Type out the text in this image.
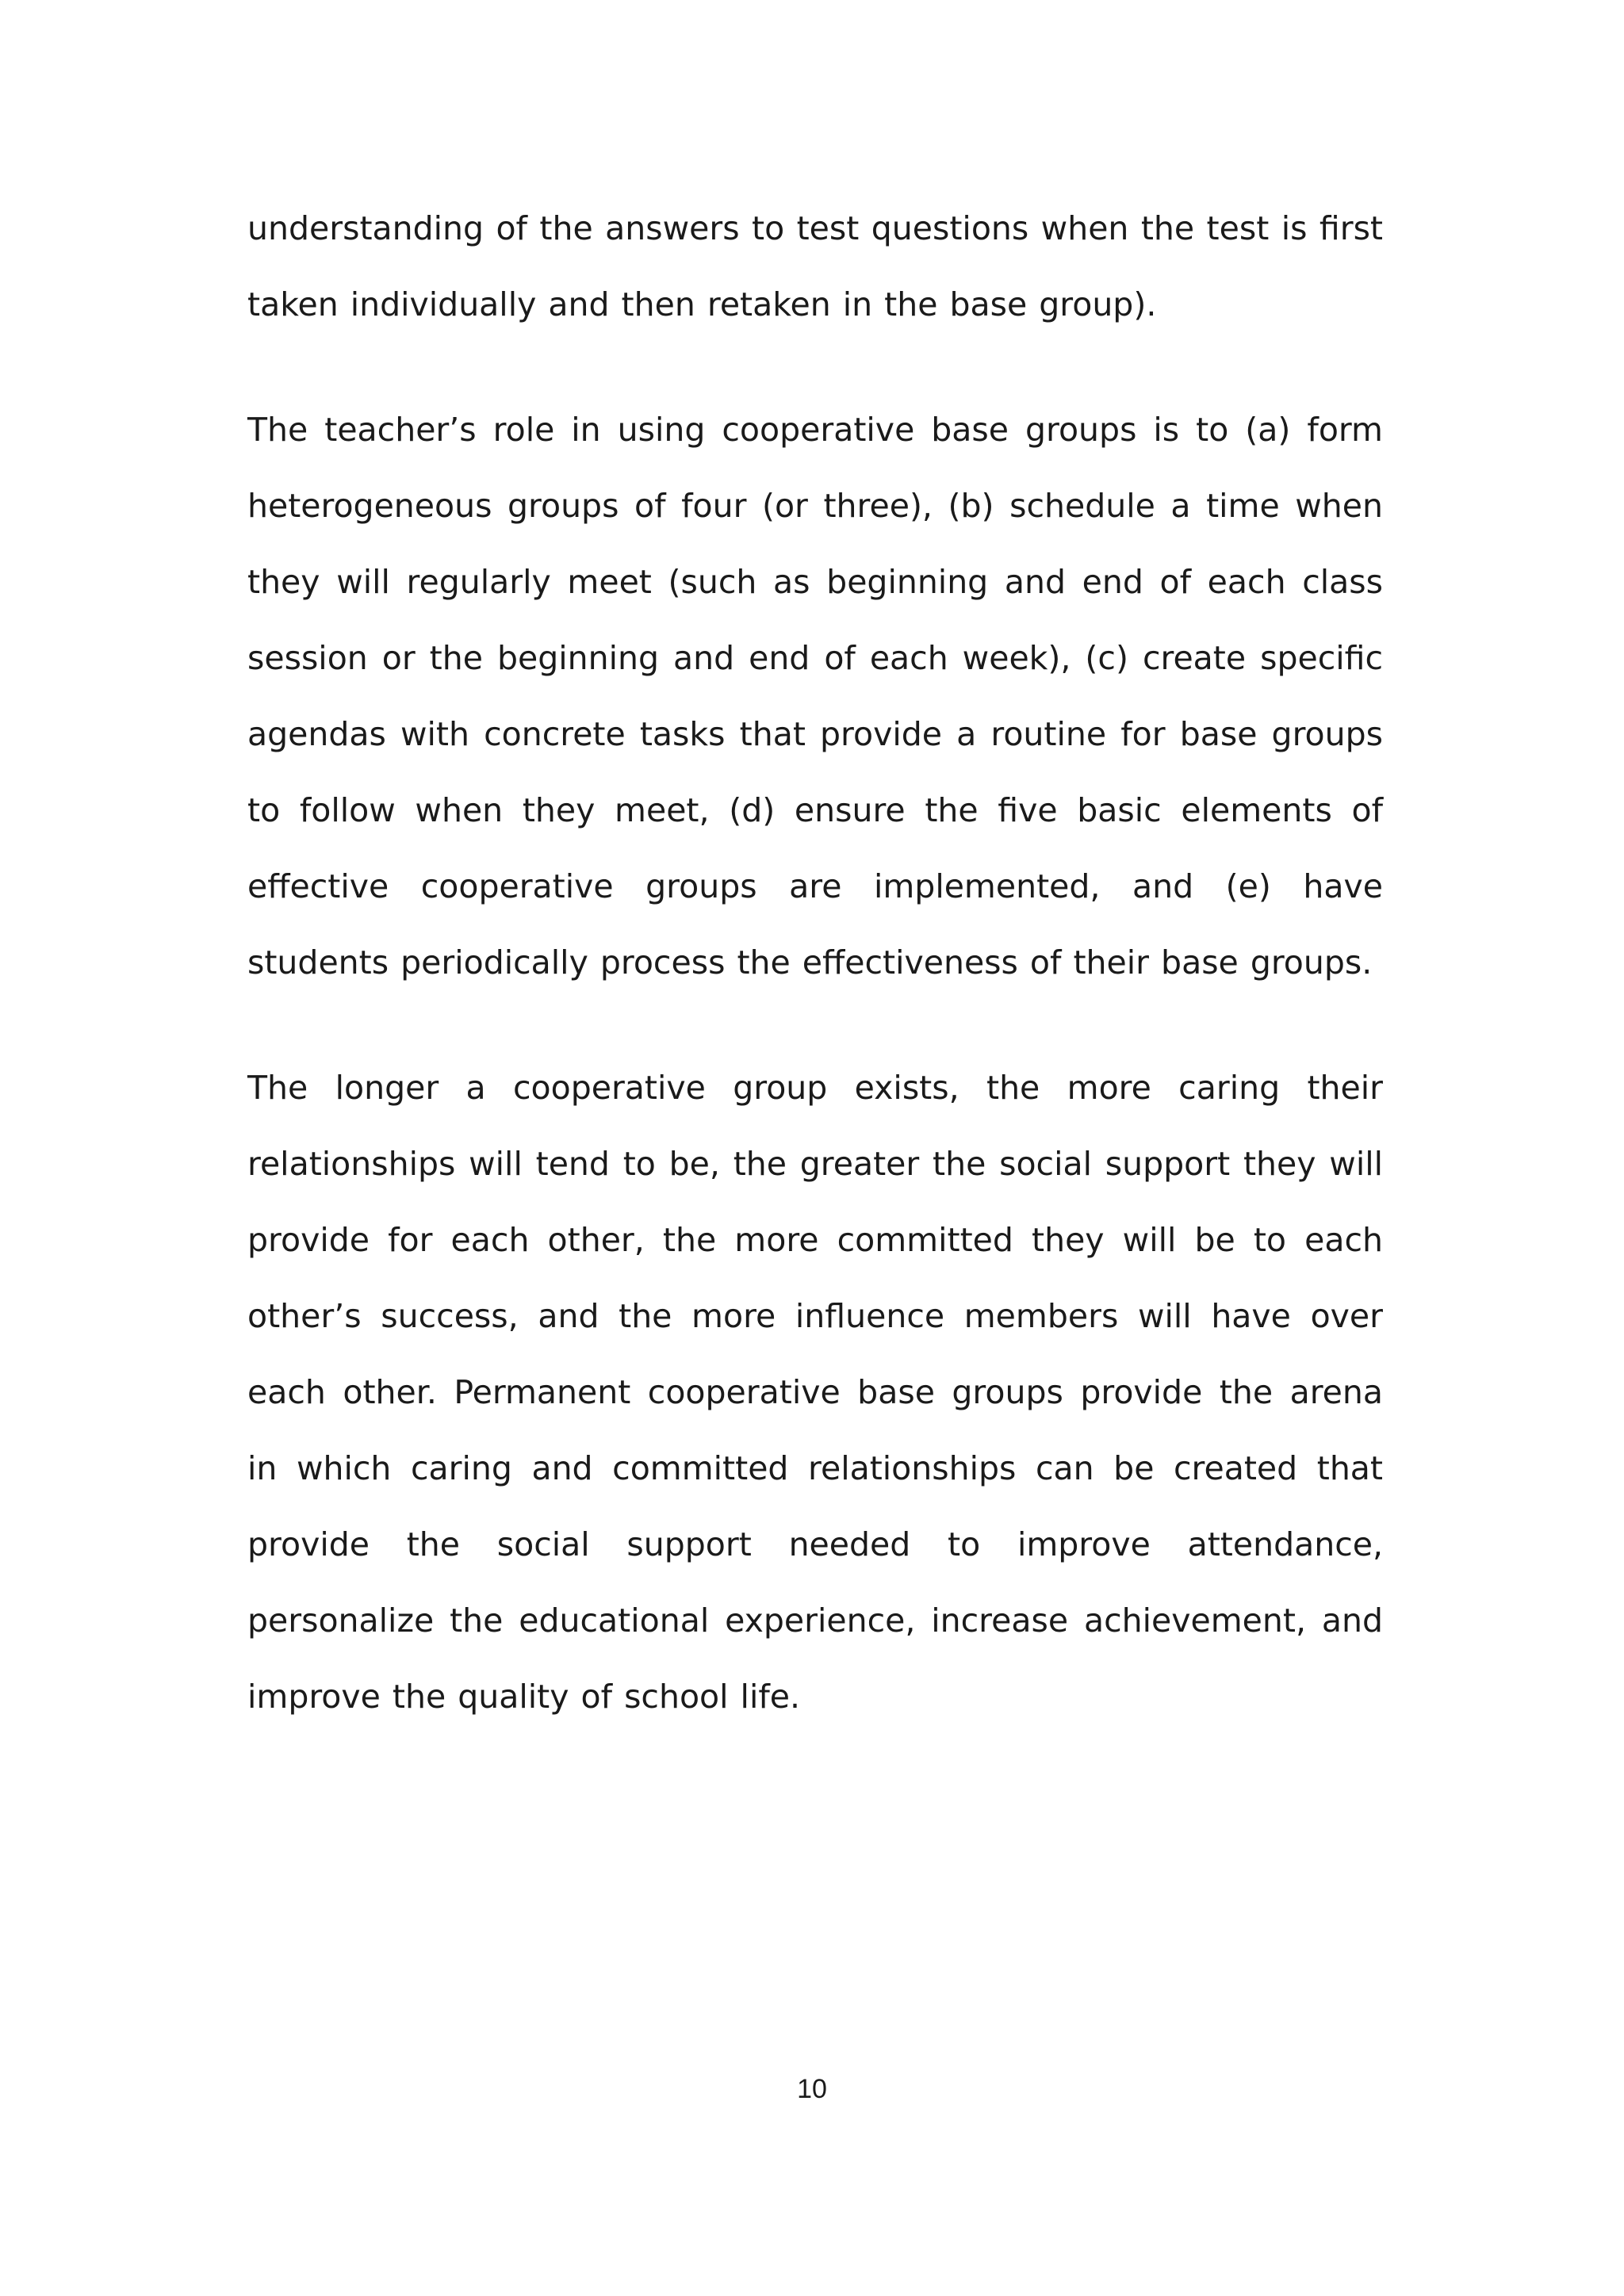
understanding of the answers to test questions when the test is first taken individually and then retaken in the base group).

The teacher’s role in using cooperative base groups is to (a) form heterogeneous groups of four (or three), (b) schedule a time when they will regularly meet (such as beginning and end of each class session or the beginning and end of each week), (c) create specific agendas with concrete tasks that provide a routine for base groups to follow when they meet, (d) ensure the five basic elements of effective cooperative groups are implemented, and (e) have students periodically process the effectiveness of their base groups.

The longer a cooperative group exists, the more caring their relationships will tend to be, the greater the social support they will provide for each other, the more committed they will be to each other’s success, and the more influence members will have over each other. Permanent cooperative base groups provide the arena in which caring and committed relationships can be created that provide the social support needed to improve attendance, personalize the educational experience, increase achievement, and improve the quality of school life.

10
